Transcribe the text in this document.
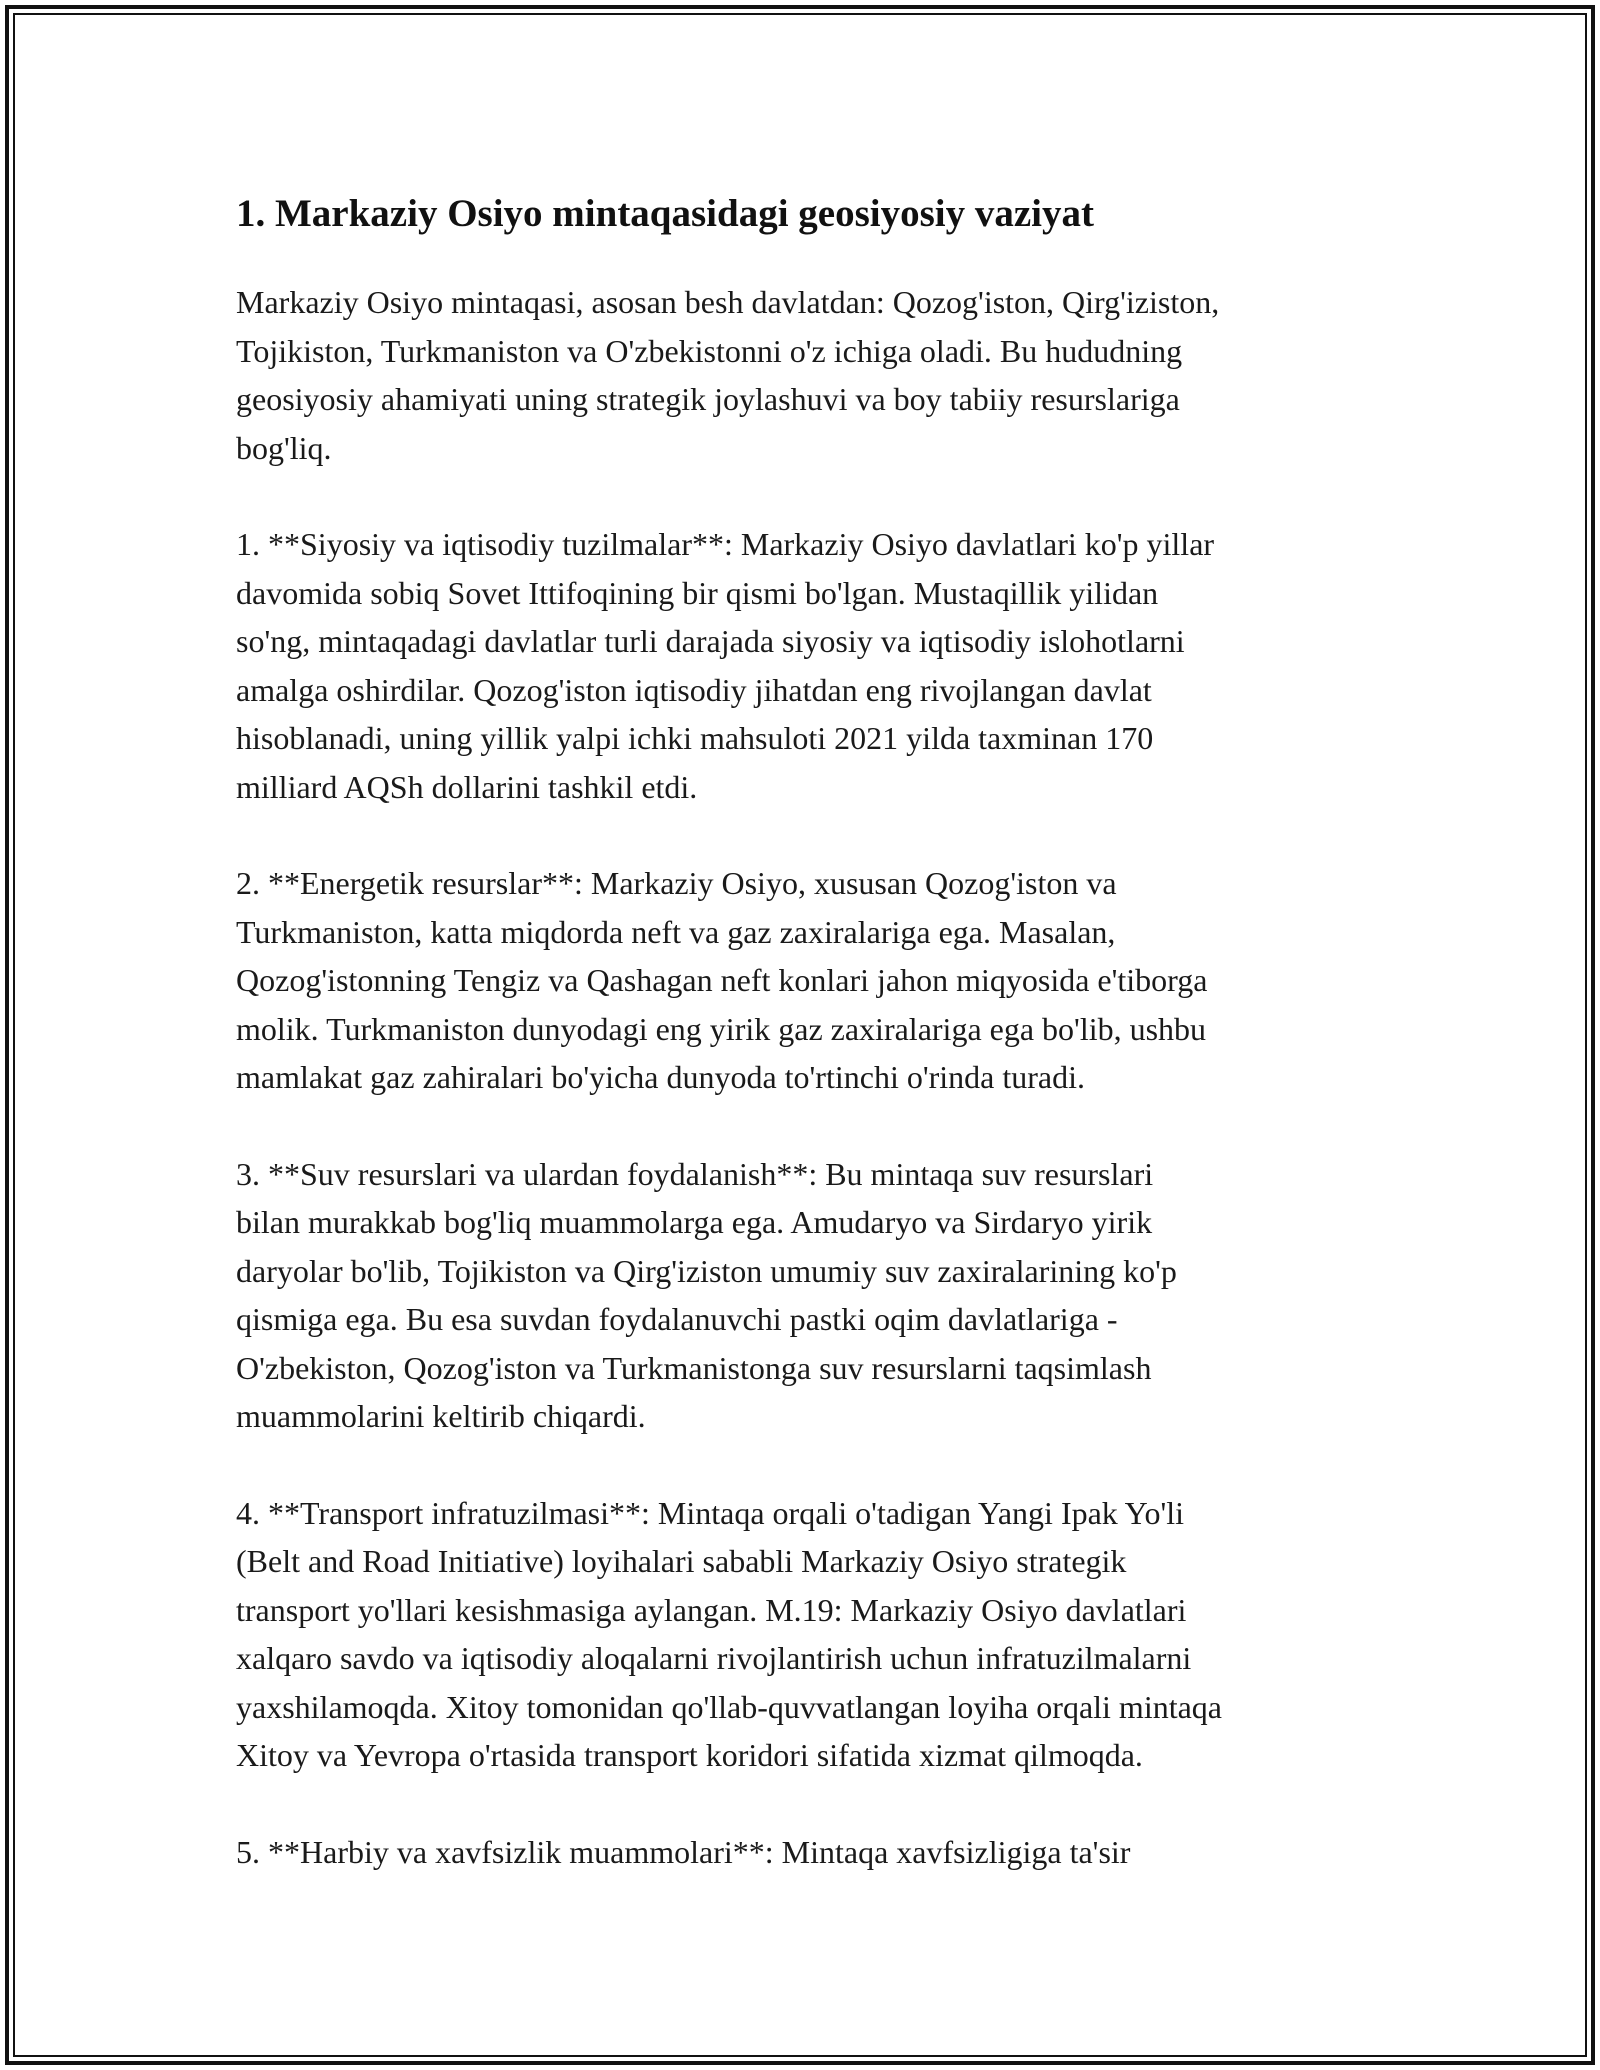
1. Markaziy Osiyo mintaqasidagi geosiyosiy vaziyat

Markaziy Osiyo mintaqasi, asosan besh davlatdan: Qozog'iston, Qirg'iziston,
Tojikiston, Turkmaniston va O'zbekistonni o'z ichiga oladi. Bu hududning
geosiyosiy ahamiyati uning strategik joylashuvi va boy tabiiy resurslariga
bog'liq.

1. **Siyosiy va iqtisodiy tuzilmalar**: Markaziy Osiyo davlatlari ko'p yillar
davomida sobiq Sovet Ittifoqining bir qismi bo'lgan. Mustaqillik yilidan
so'ng, mintaqadagi davlatlar turli darajada siyosiy va iqtisodiy islohotlarni
amalga oshirdilar. Qozog'iston iqtisodiy jihatdan eng rivojlangan davlat
hisoblanadi, uning yillik yalpi ichki mahsuloti 2021 yilda taxminan 170
milliard AQSh dollarini tashkil etdi.

2. **Energetik resurslar**: Markaziy Osiyo, xususan Qozog'iston va
Turkmaniston, katta miqdorda neft va gaz zaxiralariga ega. Masalan,
Qozog'istonning Tengiz va Qashagan neft konlari jahon miqyosida e'tiborga
molik. Turkmaniston dunyodagi eng yirik gaz zaxiralariga ega bo'lib, ushbu
mamlakat gaz zahiralari bo'yicha dunyoda to'rtinchi o'rinda turadi.

3. **Suv resurslari va ulardan foydalanish**: Bu mintaqa suv resurslari
bilan murakkab bog'liq muammolarga ega. Amudaryo va Sirdaryo yirik
daryolar bo'lib, Tojikiston va Qirg'iziston umumiy suv zaxiralarining ko'p
qismiga ega. Bu esa suvdan foydalanuvchi pastki oqim davlatlariga -
O'zbekiston, Qozog'iston va Turkmanistonga suv resurslarni taqsimlash
muammolarini keltirib chiqardi.

4. **Transport infratuzilmasi**: Mintaqa orqali o'tadigan Yangi Ipak Yo'li
(Belt and Road Initiative) loyihalari sababli Markaziy Osiyo strategik
transport yo'llari kesishmasiga aylangan. M.19: Markaziy Osiyo davlatlari
xalqaro savdo va iqtisodiy aloqalarni rivojlantirish uchun infratuzilmalarni
yaxshilamoqda. Xitoy tomonidan qo'llab-quvvatlangan loyiha orqali mintaqa
Xitoy va Yevropa o'rtasida transport koridori sifatida xizmat qilmoqda.

5. **Harbiy va xavfsizlik muammolari**: Mintaqa xavfsizligiga ta'sir
